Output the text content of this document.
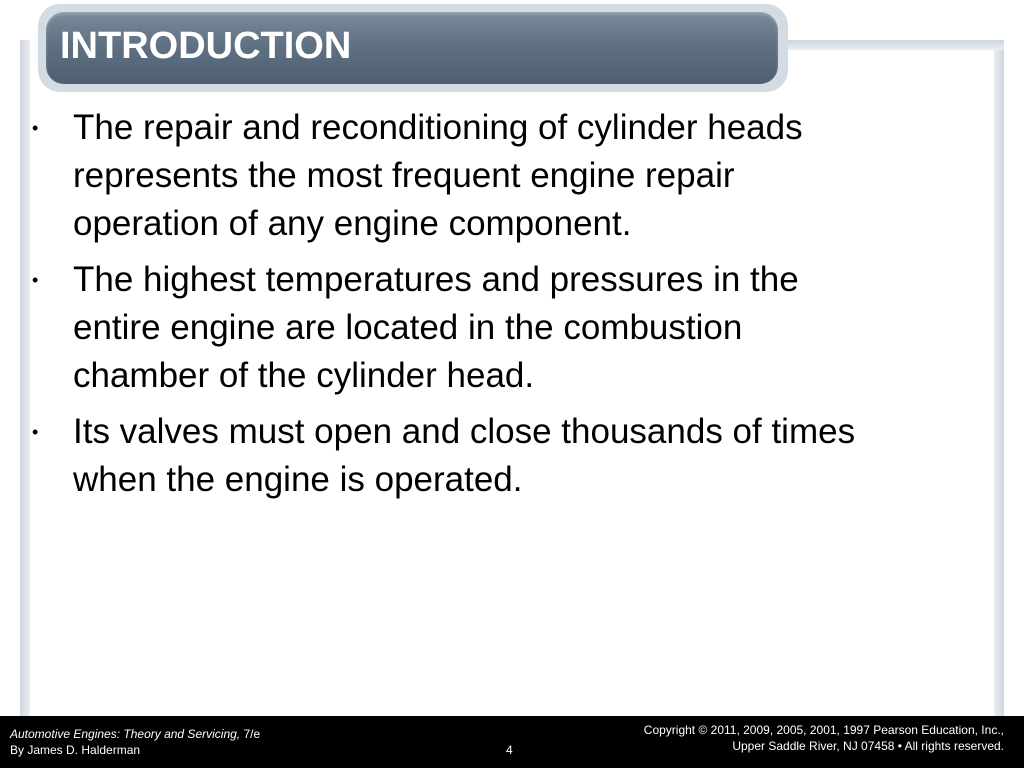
INTRODUCTION
• The repair and reconditioning of cylinder heads
represents the most frequent engine repair
operation of any engine component.
• The highest temperatures and pressures in the
entire engine are located in the combustion
chamber of the cylinder head.
• Its valves must open and close thousands of times
when the engine is operated.
Automotive Engines: Theory and Servicing, 7/e
By James D. Halderman	4
Copyright © 2011, 2009, 2005, 2001, 1997 Pearson Education, Inc.,
Upper Saddle River, NJ 07458 • All rights reserved.
